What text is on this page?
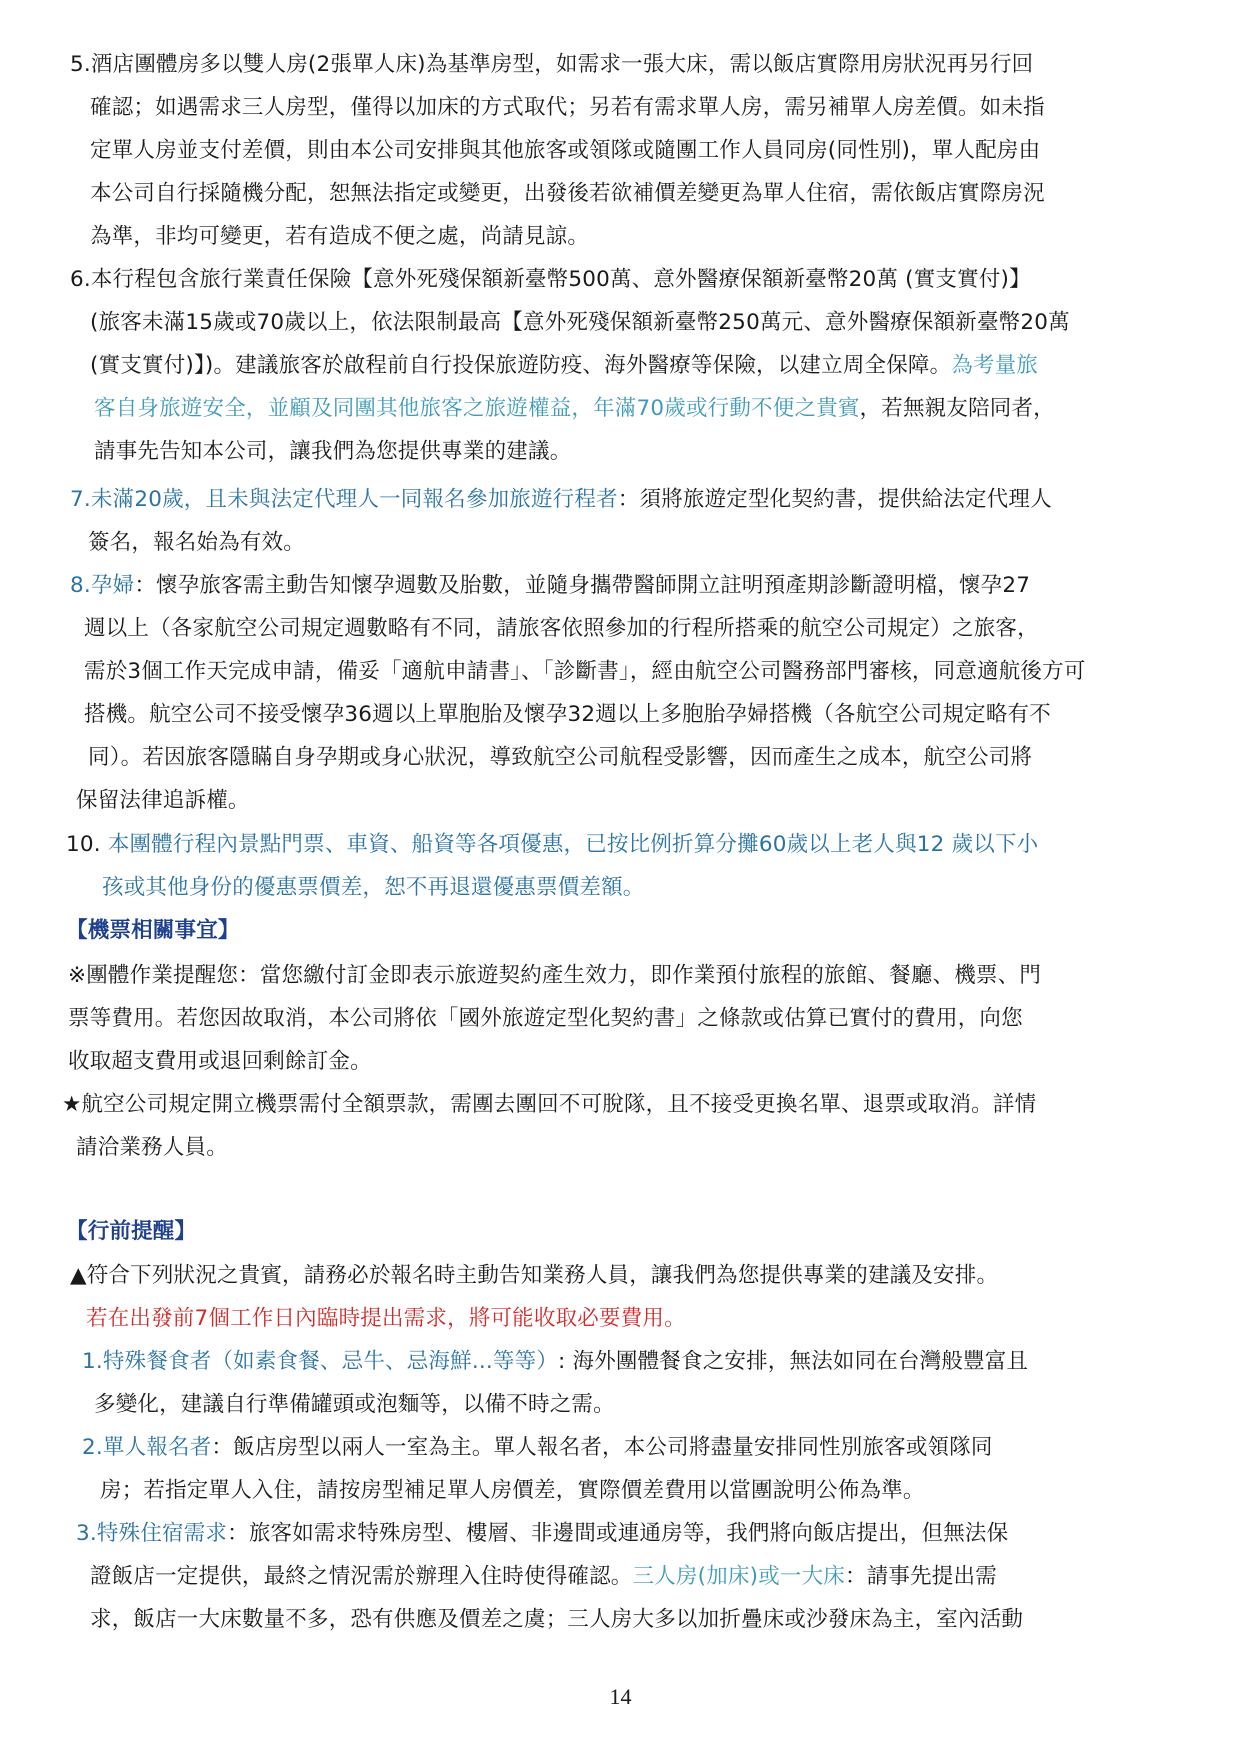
5.酒店團體房多以雙人房(2張單人床)為基準房型，如需求一張大床，需以飯店實際用房狀況再另行回
確認；如遇需求三人房型，僅得以加床的方式取代；另若有需求單人房，需另補單人房差價。如未指
定單人房並支付差價，則由本公司安排與其他旅客或領隊或隨團工作人員同房(同性別)，單人配房由
本公司自行採隨機分配，恕無法指定或變更，出發後若欲補價差變更為單人住宿，需依飯店實際房況
為準，非均可變更，若有造成不便之處，尚請見諒。
6.本行程包含旅行業責任保險【意外死殘保額新臺幣500萬、意外醫療保額新臺幣20萬 (實支實付)】
(旅客未滿15歲或70歲以上，依法限制最高【意外死殘保額新臺幣250萬元、意外醫療保額新臺幣20萬
(實支實付)】)。建議旅客於啟程前自行投保旅遊防疫、海外醫療等保險，以建立周全保障。為考量旅
客自身旅遊安全，並顧及同團其他旅客之旅遊權益，年滿70歲或行動不便之貴賓，若無親友陪同者，
請事先告知本公司，讓我們為您提供專業的建議。
7.未滿20歲，且未與法定代理人一同報名參加旅遊行程者：須將旅遊定型化契約書，提供給法定代理人
簽名，報名始為有效。
8.孕婦：懷孕旅客需主動告知懷孕週數及胎數，並隨身攜帶醫師開立註明預產期診斷證明檔，懷孕27
週以上（各家航空公司規定週數略有不同，請旅客依照參加的行程所搭乘的航空公司規定）之旅客，
需於3個工作天完成申請，備妥「適航申請書」、「診斷書」，經由航空公司醫務部門審核，同意適航後方可
搭機。航空公司不接受懷孕36週以上單胞胎及懷孕32週以上多胞胎孕婦搭機（各航空公司規定略有不
同）。若因旅客隱瞞自身孕期或身心狀況，導致航空公司航程受影響，因而產生之成本，航空公司將
保留法律追訴權。
10. 本團體行程內景點門票、車資、船資等各項優惠，已按比例折算分攤60歲以上老人與12 歲以下小
孩或其他身份的優惠票價差，恕不再退還優惠票價差額。
【機票相關事宜】
※團體作業提醒您：當您繳付訂金即表示旅遊契約產生效力，即作業預付旅程的旅館、餐廳、機票、門
票等費用。若您因故取消，本公司將依「國外旅遊定型化契約書」之條款或估算已實付的費用，向您
收取超支費用或退回剩餘訂金。
★航空公司規定開立機票需付全額票款，需團去團回不可脫隊，且不接受更換名單、退票或取消。詳情
請洽業務人員。
【行前提醒】
▲符合下列狀況之貴賓，請務必於報名時主動告知業務人員，讓我們為您提供專業的建議及安排。
若在出發前7個工作日內臨時提出需求，將可能收取必要費用。
1.特殊餐食者（如素食餐、忌牛、忌海鮮...等等）: 海外團體餐食之安排，無法如同在台灣般豐富且
多變化，建議自行準備罐頭或泡麵等，以備不時之需。
2.單人報名者：飯店房型以兩人一室為主。單人報名者，本公司將盡量安排同性別旅客或領隊同
房；若指定單人入住，請按房型補足單人房價差，實際價差費用以當團說明公佈為準。
3.特殊住宿需求：旅客如需求特殊房型、樓層、非邊間或連通房等，我們將向飯店提出，但無法保
證飯店一定提供，最終之情況需於辦理入住時使得確認。三人房(加床)或一大床：請事先提出需
求，飯店一大床數量不多，恐有供應及價差之虞；三人房大多以加折疊床或沙發床為主，室內活動
14
